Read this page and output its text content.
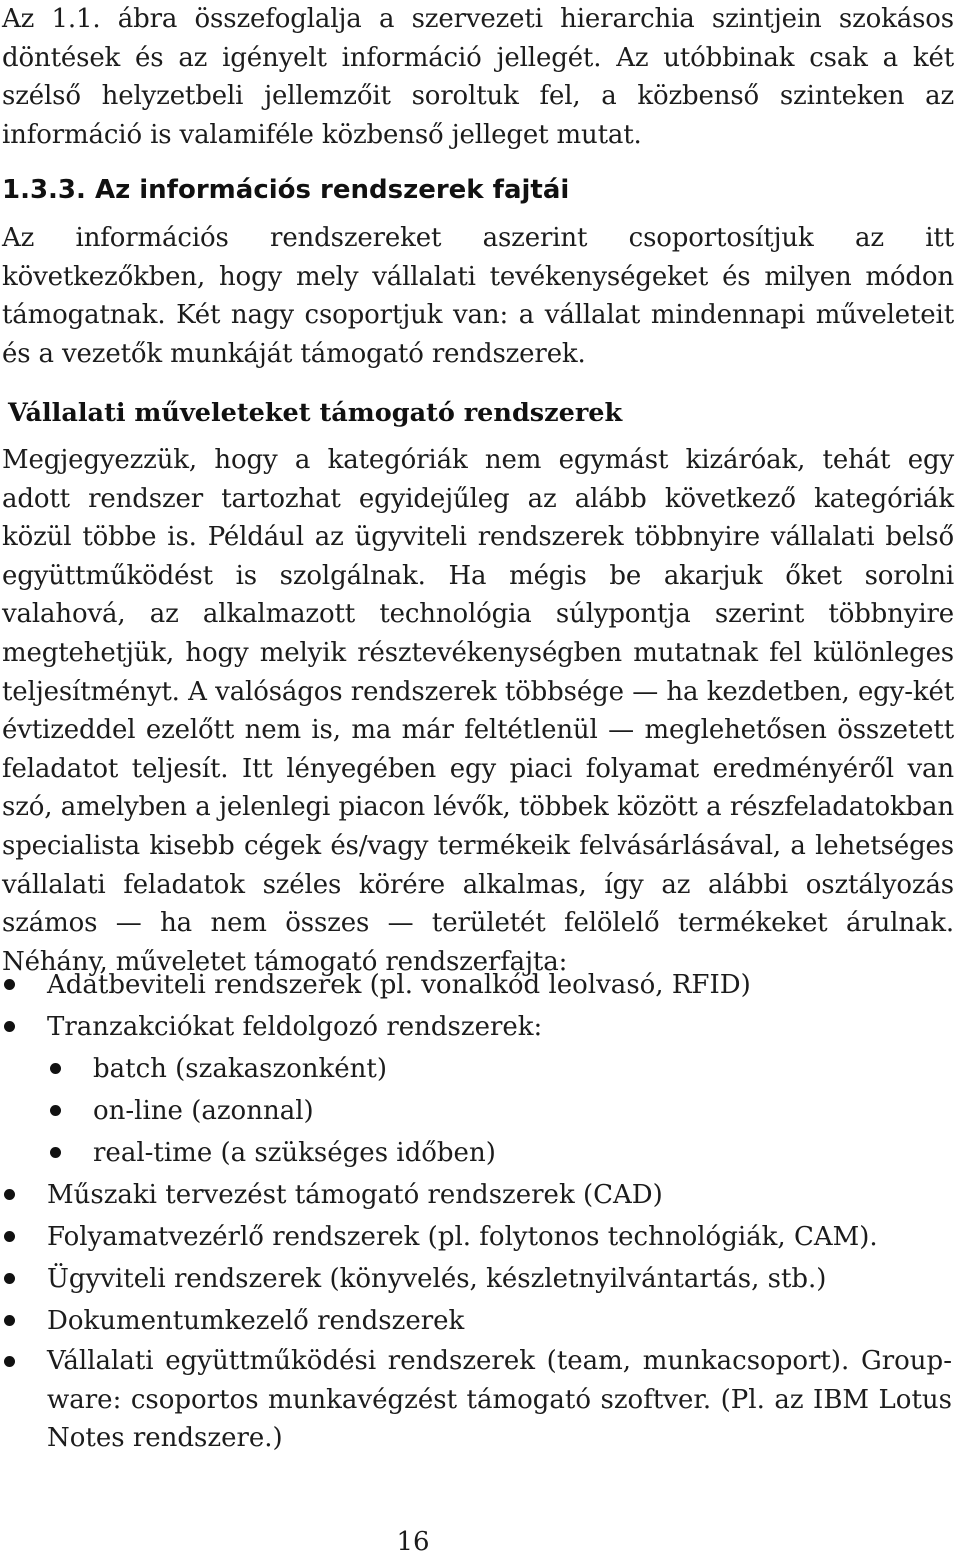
Az 1.1. ábra összefoglalja a szervezeti hierarchia szintjein szokásos döntések és az igényelt információ jellegét. Az utóbbinak csak a két szélső helyzetbeli jellemzőit soroltuk fel, a közbenső szinteken az információ is valamiféle közbenső jelleget mutat.

1.3.3. Az információs rendszerek fajtái

Az információs rendszereket aszerint csoportosítjuk az itt következőkben, hogy mely vállalati tevékenységeket és milyen módon támogatnak. Két nagy csoportjuk van: a vállalat mindennapi műveleteit és a vezetők munkáját támogató rendszerek.

Vállalati műveleteket támogató rendszerek

Megjegyezzük, hogy a kategóriák nem egymást kizáróak, tehát egy adott rendszer tartozhat egyidejűleg az alább következő kategóriák közül többe is. Például az ügyviteli rendszerek többnyire vállalati belső együttműködést is szolgálnak. Ha mégis be akarjuk őket sorolni valahová, az alkalmazott technológia súlypontja szerint többnyire megtehetjük, hogy melyik résztevékenységben mutatnak fel különleges teljesítményt. A valóságos rendszerek többsége — ha kezdetben, egy-két évtizeddel ezelőtt nem is, ma már feltétlenül — meglehetősen összetett feladatot teljesít. Itt lényegében egy piaci folyamat eredményéről van szó, amelyben a jelenlegi piacon lévők, többek között a részfeladatokban specialista kisebb cégek és/vagy termékeik felvásárlásával, a lehetséges vállalati feladatok széles körére alkalmas, így az alábbi osztályozás számos — ha nem összes — területét felölelő termékeket árulnak. Néhány, műveletet támogató rendszerfajta:

Adatbeviteli rendszerek (pl. vonalkód leolvasó, RFID)
Tranzakciókat feldolgozó rendszerek:
batch (szakaszonként)
on-line (azonnal)
real-time (a szükséges időben)
Műszaki tervezést támogató rendszerek (CAD)
Folyamatvezérlő rendszerek (pl. folytonos technológiák, CAM).
Ügyviteli rendszerek (könyvelés, készletnyilvántartás, stb.)
Dokumentumkezelő rendszerek
Vállalati együttműködési rendszerek (team, munkacsoport). Groupware: csoportos munkavégzést támogató szoftver. (Pl. az IBM Lotus Notes rendszere.)
16
